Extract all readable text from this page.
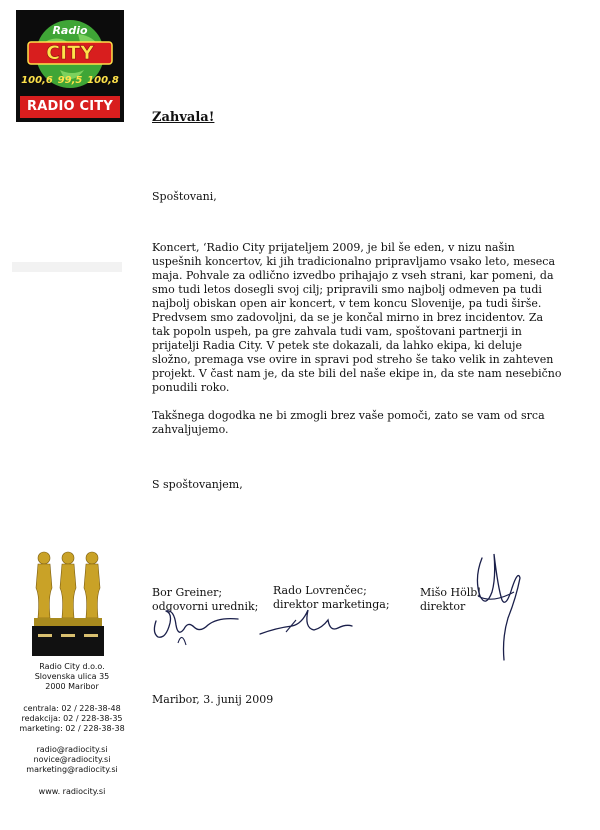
Radio
CITY
100,6 99,5 100,8
RADIO CITY
Zahvala!
Spoštovani,

Koncert, ‘Radio City prijateljem 2009, je bil še eden, v nizu našin uspešnih koncertov, ki jih tradicionalno pripravljamo vsako leto, meseca maja. Pohvale za odlično izvedbo prihajajo z vseh strani, kar pomeni, da smo tudi letos dosegli svoj cilj; pripravili smo najbolj odmeven pa tudi najbolj obiskan open air koncert, v tem koncu Slovenije, pa tudi širše. Predvsem smo zadovoljni, da se je končal mirno in brez incidentov. Za tak popoln uspeh, pa gre zahvala tudi vam, spoštovani partnerji in prijatelji Radia City. V petek ste dokazali, da lahko ekipa, ki deluje složno, premaga vse ovire in spravi pod streho še tako velik in zahteven projekt. V čast nam je, da ste bili del naše ekipe in, da ste nam nesebično ponudili roko.

Takšnega dogodka ne bi zmogli brez vaše pomoči, zato se vam od srca zahvaljujemo.

S spoštovanjem,
Bor Greiner;
odgovorni urednik;
Rado Lovrenčec;
direktor marketinga;
Mišo Hölbl
direktor
Radio City d.o.o.
Slovenska ulica 35
2000 Maribor
centrala: 02 / 228-38-48
redakcija: 02 / 228-38-35
marketing: 02 / 228-38-38
radio@radiocity.si
novice@radiocity.si
marketing@radiocity.si
www. radiocity.si
Maribor, 3. junij 2009
